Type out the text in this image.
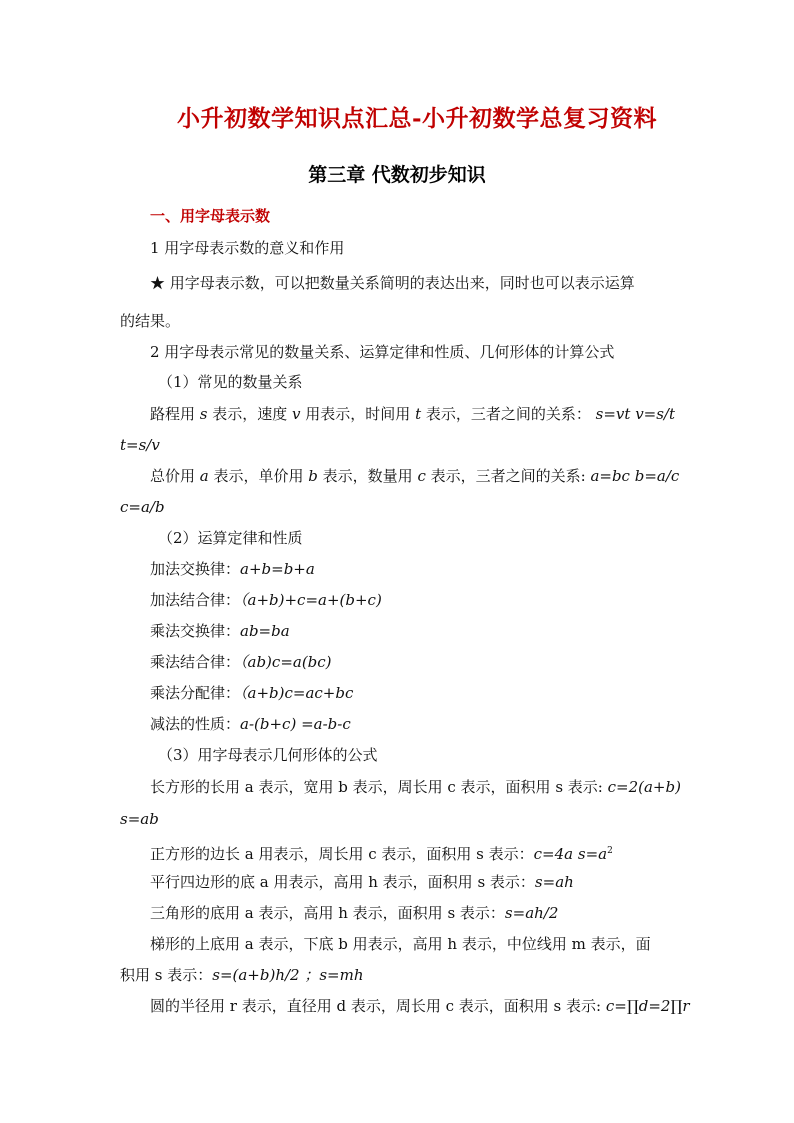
小升初数学知识点汇总-小升初数学总复习资料
第三章 代数初步知识
一、用字母表示数
1 用字母表示数的意义和作用
★ 用字母表示数，可以把数量关系简明的表达出来，同时也可以表示运算
的结果。
2 用字母表示常见的数量关系、运算定律和性质、几何形体的计算公式
（1）常见的数量关系
路程用 s 表示，速度 v 用表示，时间用 t 表示，三者之间的关系： s=vt v=s/t
t=s/v
总价用 a 表示，单价用 b 表示，数量用 c 表示，三者之间的关系: a=bc b=a/c
c=a/b
（2）运算定律和性质
加法交换律：a+b=b+a
加法结合律：（a+b)+c=a+(b+c)
乘法交换律：ab=ba
乘法结合律：（ab)c=a(bc)
乘法分配律：（a+b)c=ac+bc
减法的性质：a-(b+c) =a-b-c
（3）用字母表示几何形体的公式
长方形的长用 a 表示，宽用 b 表示，周长用 c 表示，面积用 s 表示: c=2(a+b)
s=ab
正方形的边长 a 用表示，周长用 c 表示，面积用 s 表示：c=4a $s=a^2$
平行四边形的底 a 用表示，高用 h 表示，面积用 s 表示：s=ah
三角形的底用 a 表示，高用 h 表示，面积用 s 表示：s=ah/2
梯形的上底用 a 表示，下底 b 用表示，高用 h 表示，中位线用 m 表示，面
积用 s 表示：s=(a+b)h/2 ；s=mh
圆的半径用 r 表示，直径用 d 表示，周长用 c 表示，面积用 s 表示: c=∏d=2∏r
